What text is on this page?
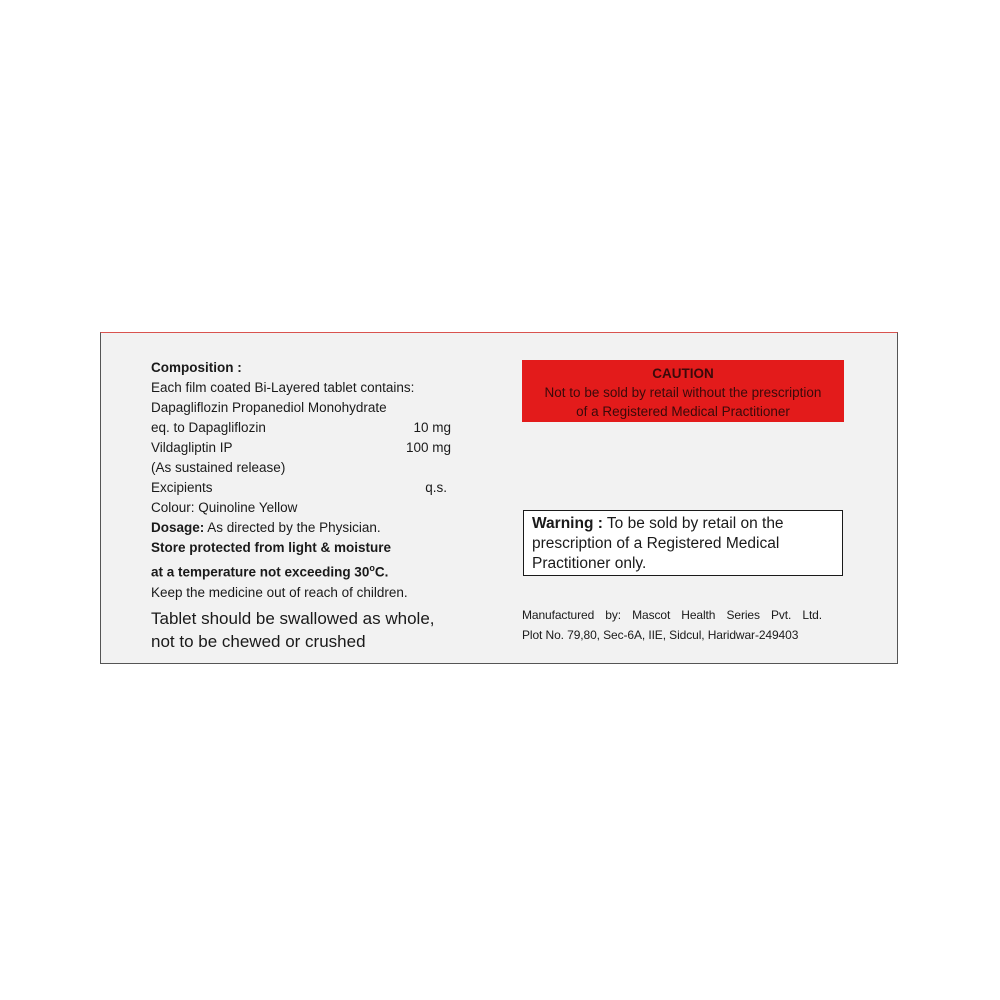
Composition :
Each film coated Bi-Layered tablet contains:
Dapagliflozin Propanediol Monohydrate
eq. to Dapagliflozin	10 mg
Vildagliptin IP	100 mg
(As sustained release)
Excipients	q.s.
Colour: Quinoline Yellow
Dosage: As directed by the Physician.
Store protected from light & moisture
at a temperature not exceeding 30$^o$C.
Keep the medicine out of reach of children.
Tablet should be swallowed as whole,
not to be chewed or crushed
CAUTION
Not to be sold by retail without the prescription
of a Registered Medical Practitioner
Warning : To be sold by retail on the prescription of a Registered Medical Practitioner only.
Manufactured by: Mascot Health Series Pvt. Ltd.
Plot No. 79,80, Sec-6A, IIE, Sidcul, Haridwar-249403
